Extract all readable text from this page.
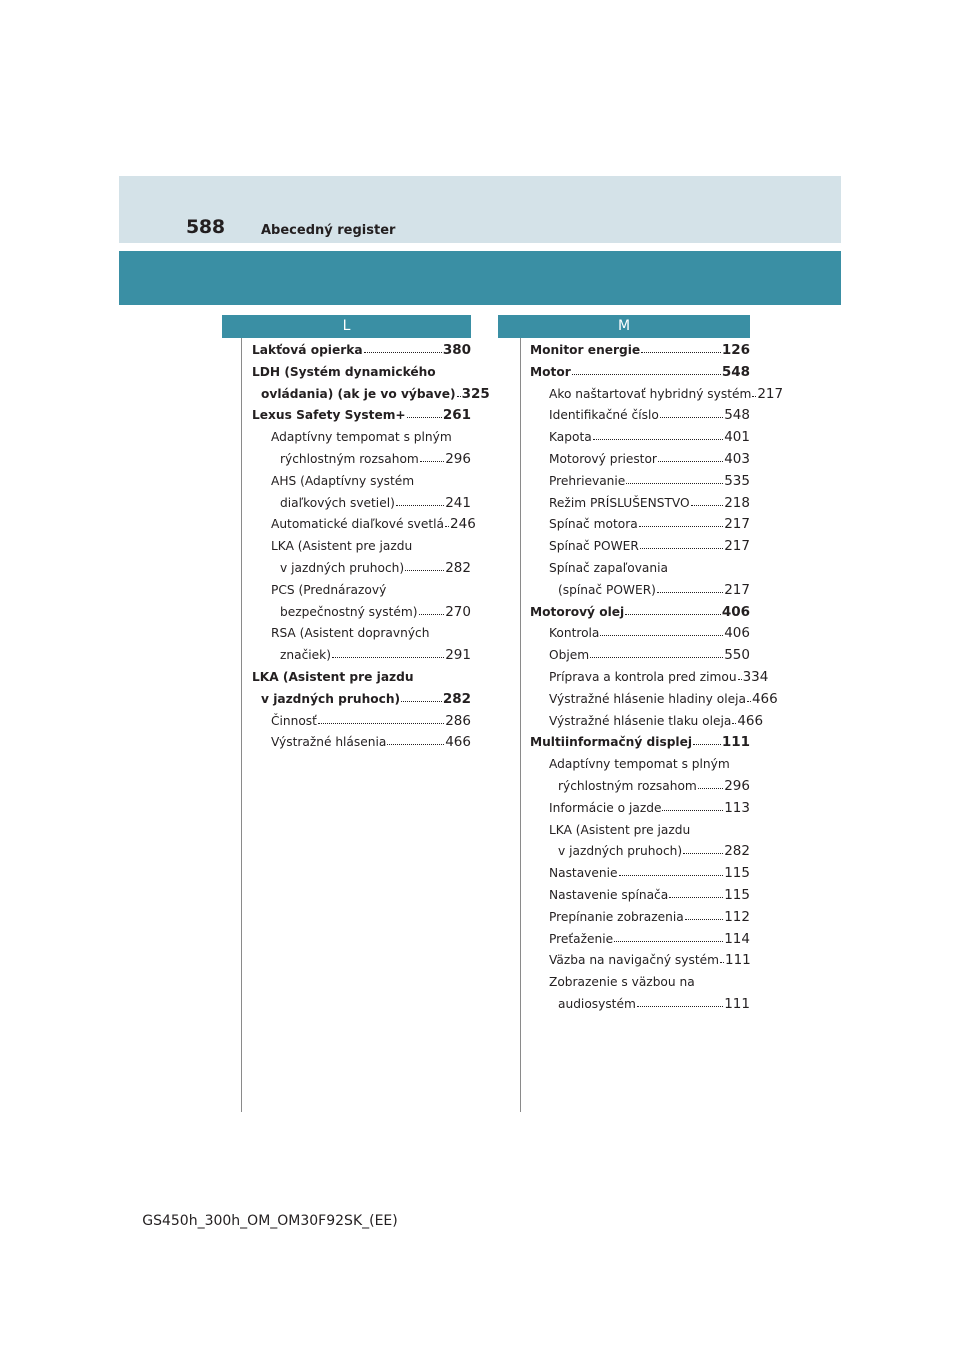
588	Abecedný register
L	M
Lakťová opierka	380
LDH (Systém dynamického
ovládania) (ak je vo výbave) 325
Lexus Safety System+	261
Adaptívny tempomat s plným
rýchlostným rozsahom 296
AHS (Adaptívny systém
diaľkových svetiel)	241
Automatické diaľkové svetlá 246
LKA (Asistent pre jazdu
v jazdných pruhoch)	282
PCS (Prednárazový
bezpečnostný systém) 270
RSA (Asistent dopravných
značiek)	291
LKA (Asistent pre jazdu
v jazdných pruhoch)	282
Činnosť	286
Výstražné hlásenia	466
Monitor energie	126
Motor	548
Ako naštartovať hybridný systém 217
Identifikačné číslo	548
Kapota	401
Motorový priestor	403
Prehrievanie	535
Režim PRÍSLUŠENSTVO	218
Spínač motora	217
Spínač POWER	217
Spínač zapaľovania
(spínač POWER)	217
Motorový olej	406
Kontrola	406
Objem	550
Príprava a kontrola pred zimou 334
Výstražné hlásenie hladiny oleja 466
Výstražné hlásenie tlaku oleja 466
Multiinformačný displej 111
Adaptívny tempomat s plným
rýchlostným rozsahom 296
Informácie o jazde	113
LKA (Asistent pre jazdu
v jazdných pruhoch)	282
Nastavenie	115
Nastavenie spínača	115
Prepínanie zobrazenia	112
Preťaženie	114
Väzba na navigačný systém 111
Zobrazenie s väzbou na
audiosystém	111
GS450h_300h_OM_OM30F92SK_(EE)
